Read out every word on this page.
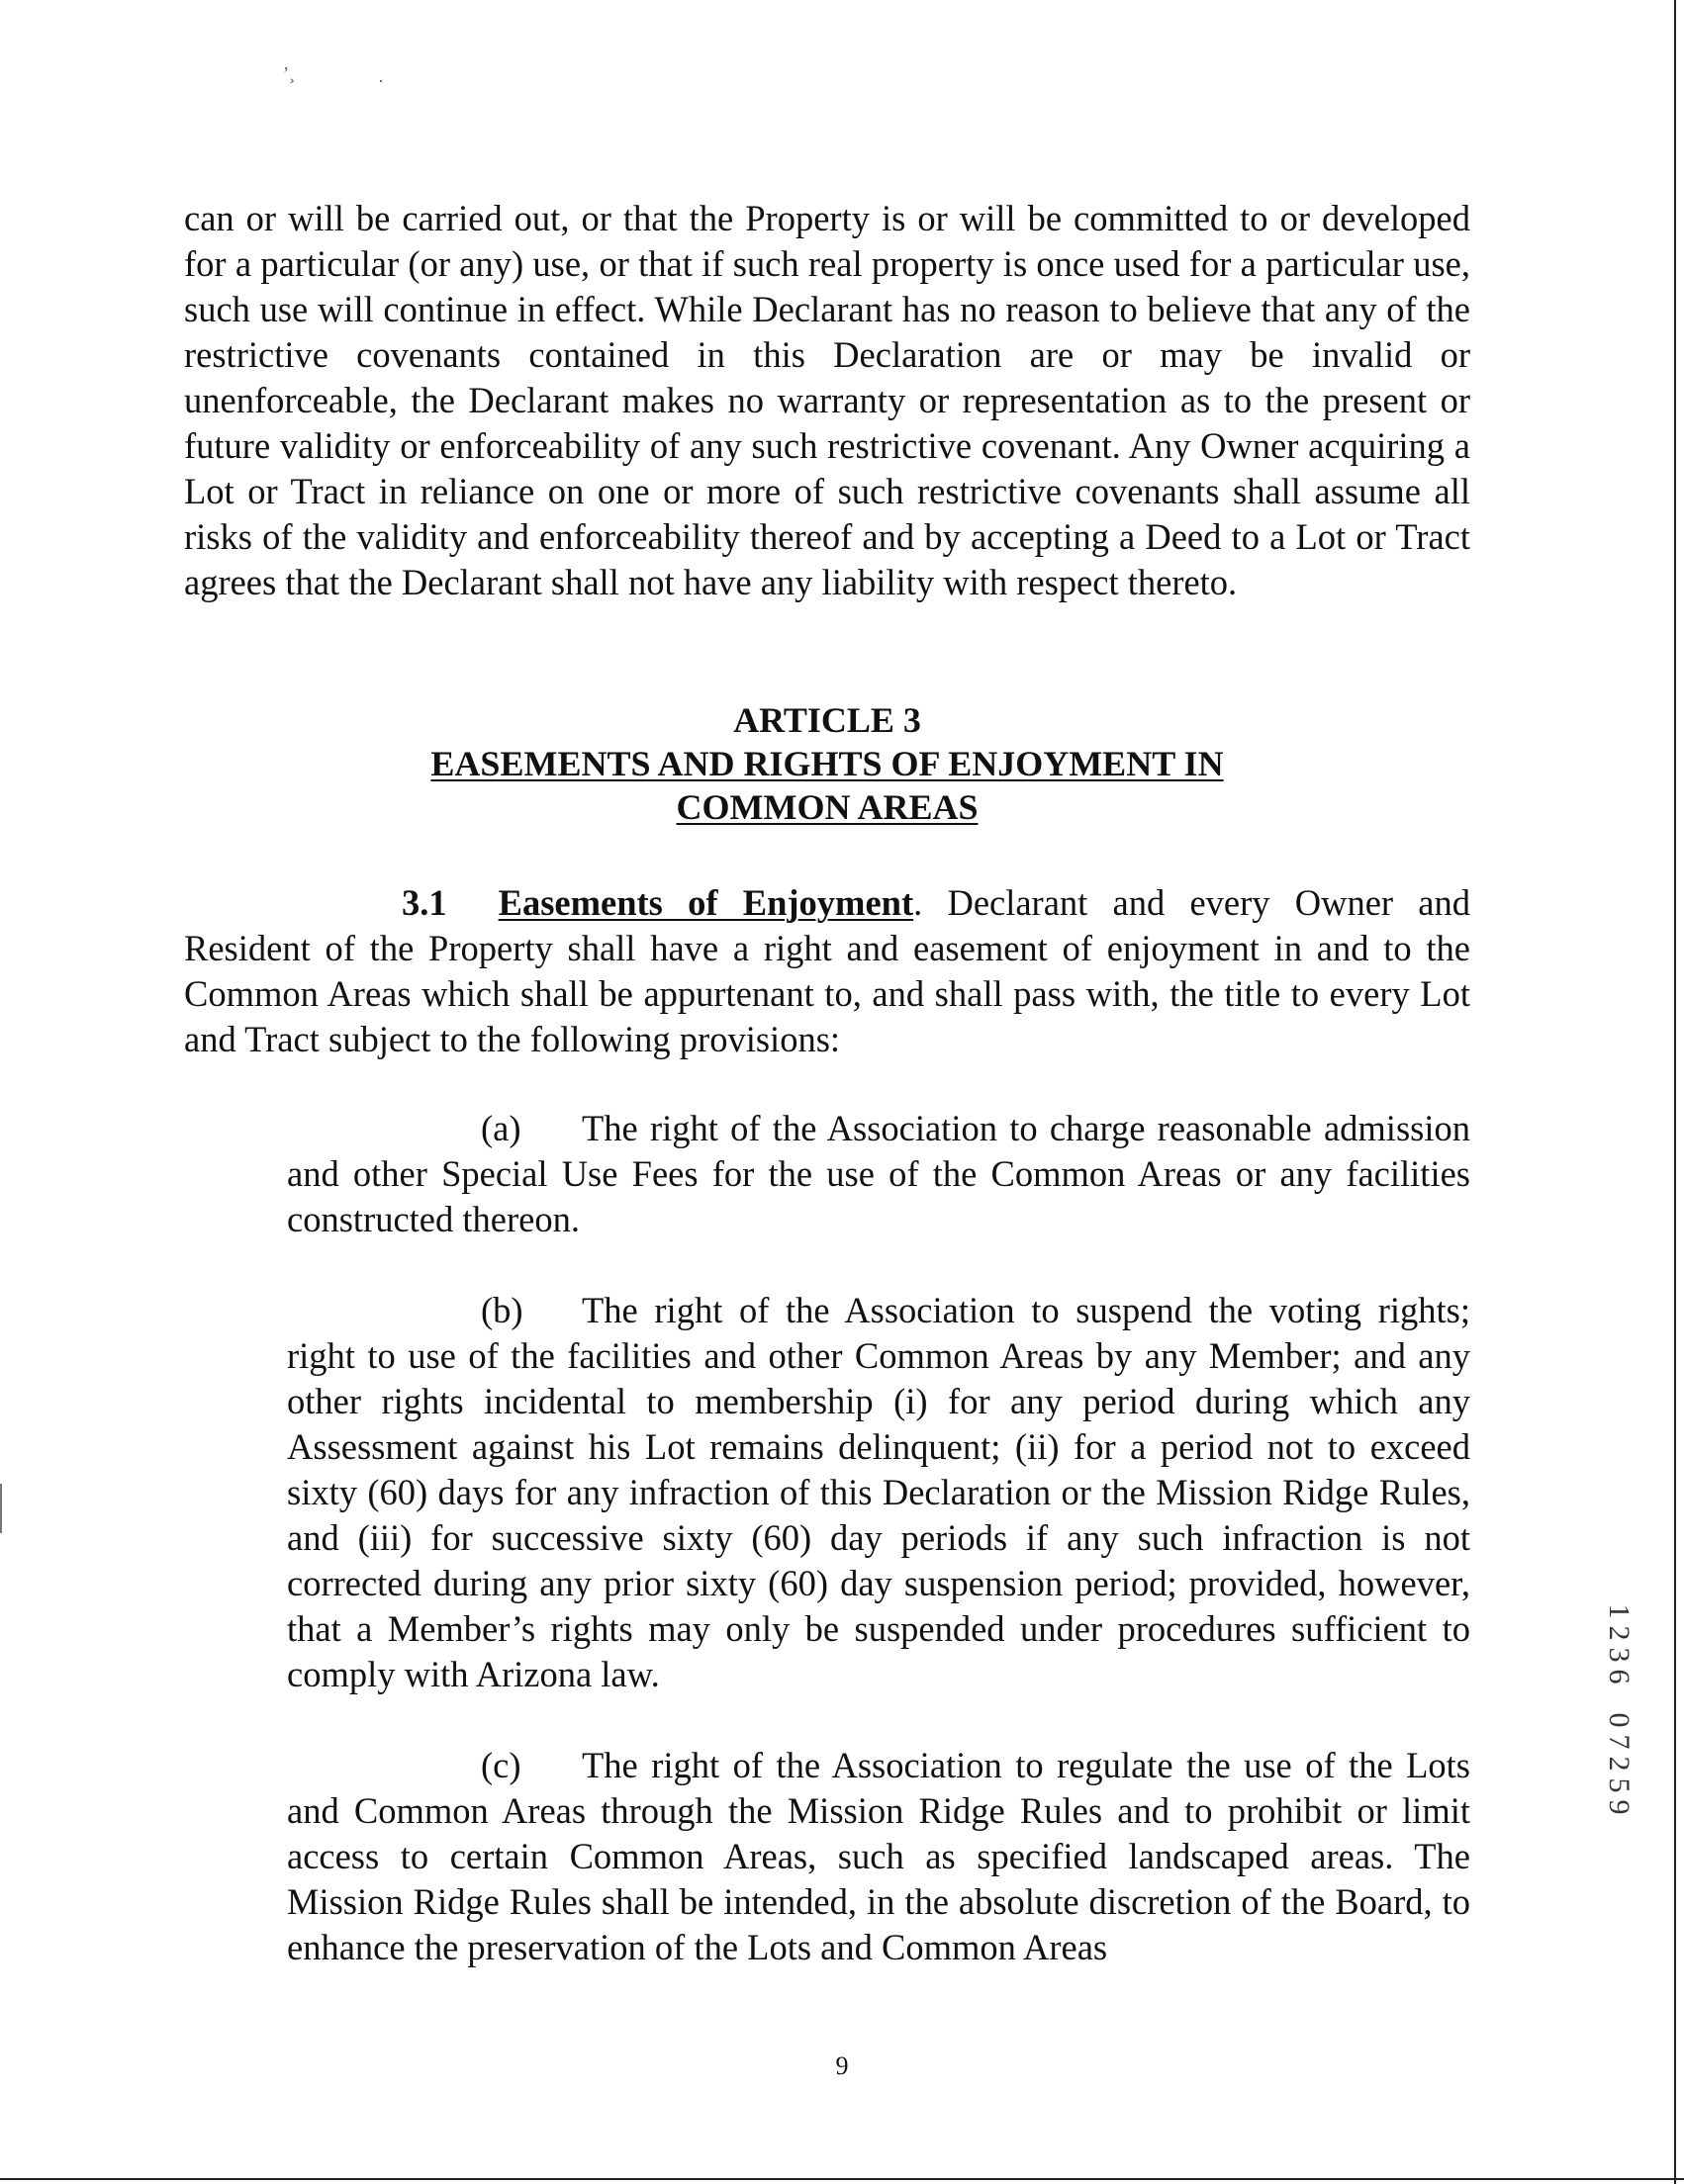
’¸	·

can or will be carried out, or that the Property is or will be committed to or developed for a particular (or any) use, or that if such real property is once used for a particular use, such use will continue in effect. While Declarant has no reason to believe that any of the restrictive covenants contained in this Declaration are or may be invalid or unenforceable, the Declarant makes no warranty or representation as to the present or future validity or enforceability of any such restrictive covenant. Any Owner acquiring a Lot or Tract in reliance on one or more of such restrictive covenants shall assume all risks of the validity and enforceability thereof and by accepting a Deed to a Lot or Tract agrees that the Declarant shall not have any liability with respect thereto.

ARTICLE 3
EASEMENTS AND RIGHTS OF ENJOYMENT IN
COMMON AREAS

3.1 Easements of Enjoyment. Declarant and every Owner and Resident of the Property shall have a right and easement of enjoyment in and to the Common Areas which shall be appurtenant to, and shall pass with, the title to every Lot and Tract subject to the following provisions:

(a) The right of the Association to charge reasonable admission and other Special Use Fees for the use of the Common Areas or any facilities constructed thereon.

(b) The right of the Association to suspend the voting rights; right to use of the facilities and other Common Areas by any Member; and any other rights incidental to membership (i) for any period during which any Assessment against his Lot remains delinquent; (ii) for a period not to exceed sixty (60) days for any infraction of this Declaration or the Mission Ridge Rules, and (iii) for successive sixty (60) day periods if any such infraction is not corrected during any prior sixty (60) day suspension period; provided, however, that a Member’s rights may only be suspended under procedures sufficient to comply with Arizona law.

(c) The right of the Association to regulate the use of the Lots and Common Areas through the Mission Ridge Rules and to prohibit or limit access to certain Common Areas, such as specified landscaped areas. The Mission Ridge Rules shall be intended, in the absolute discretion of the Board, to enhance the preservation of the Lots and Common Areas

9
1
2
3
6
0
7
2
5
9
